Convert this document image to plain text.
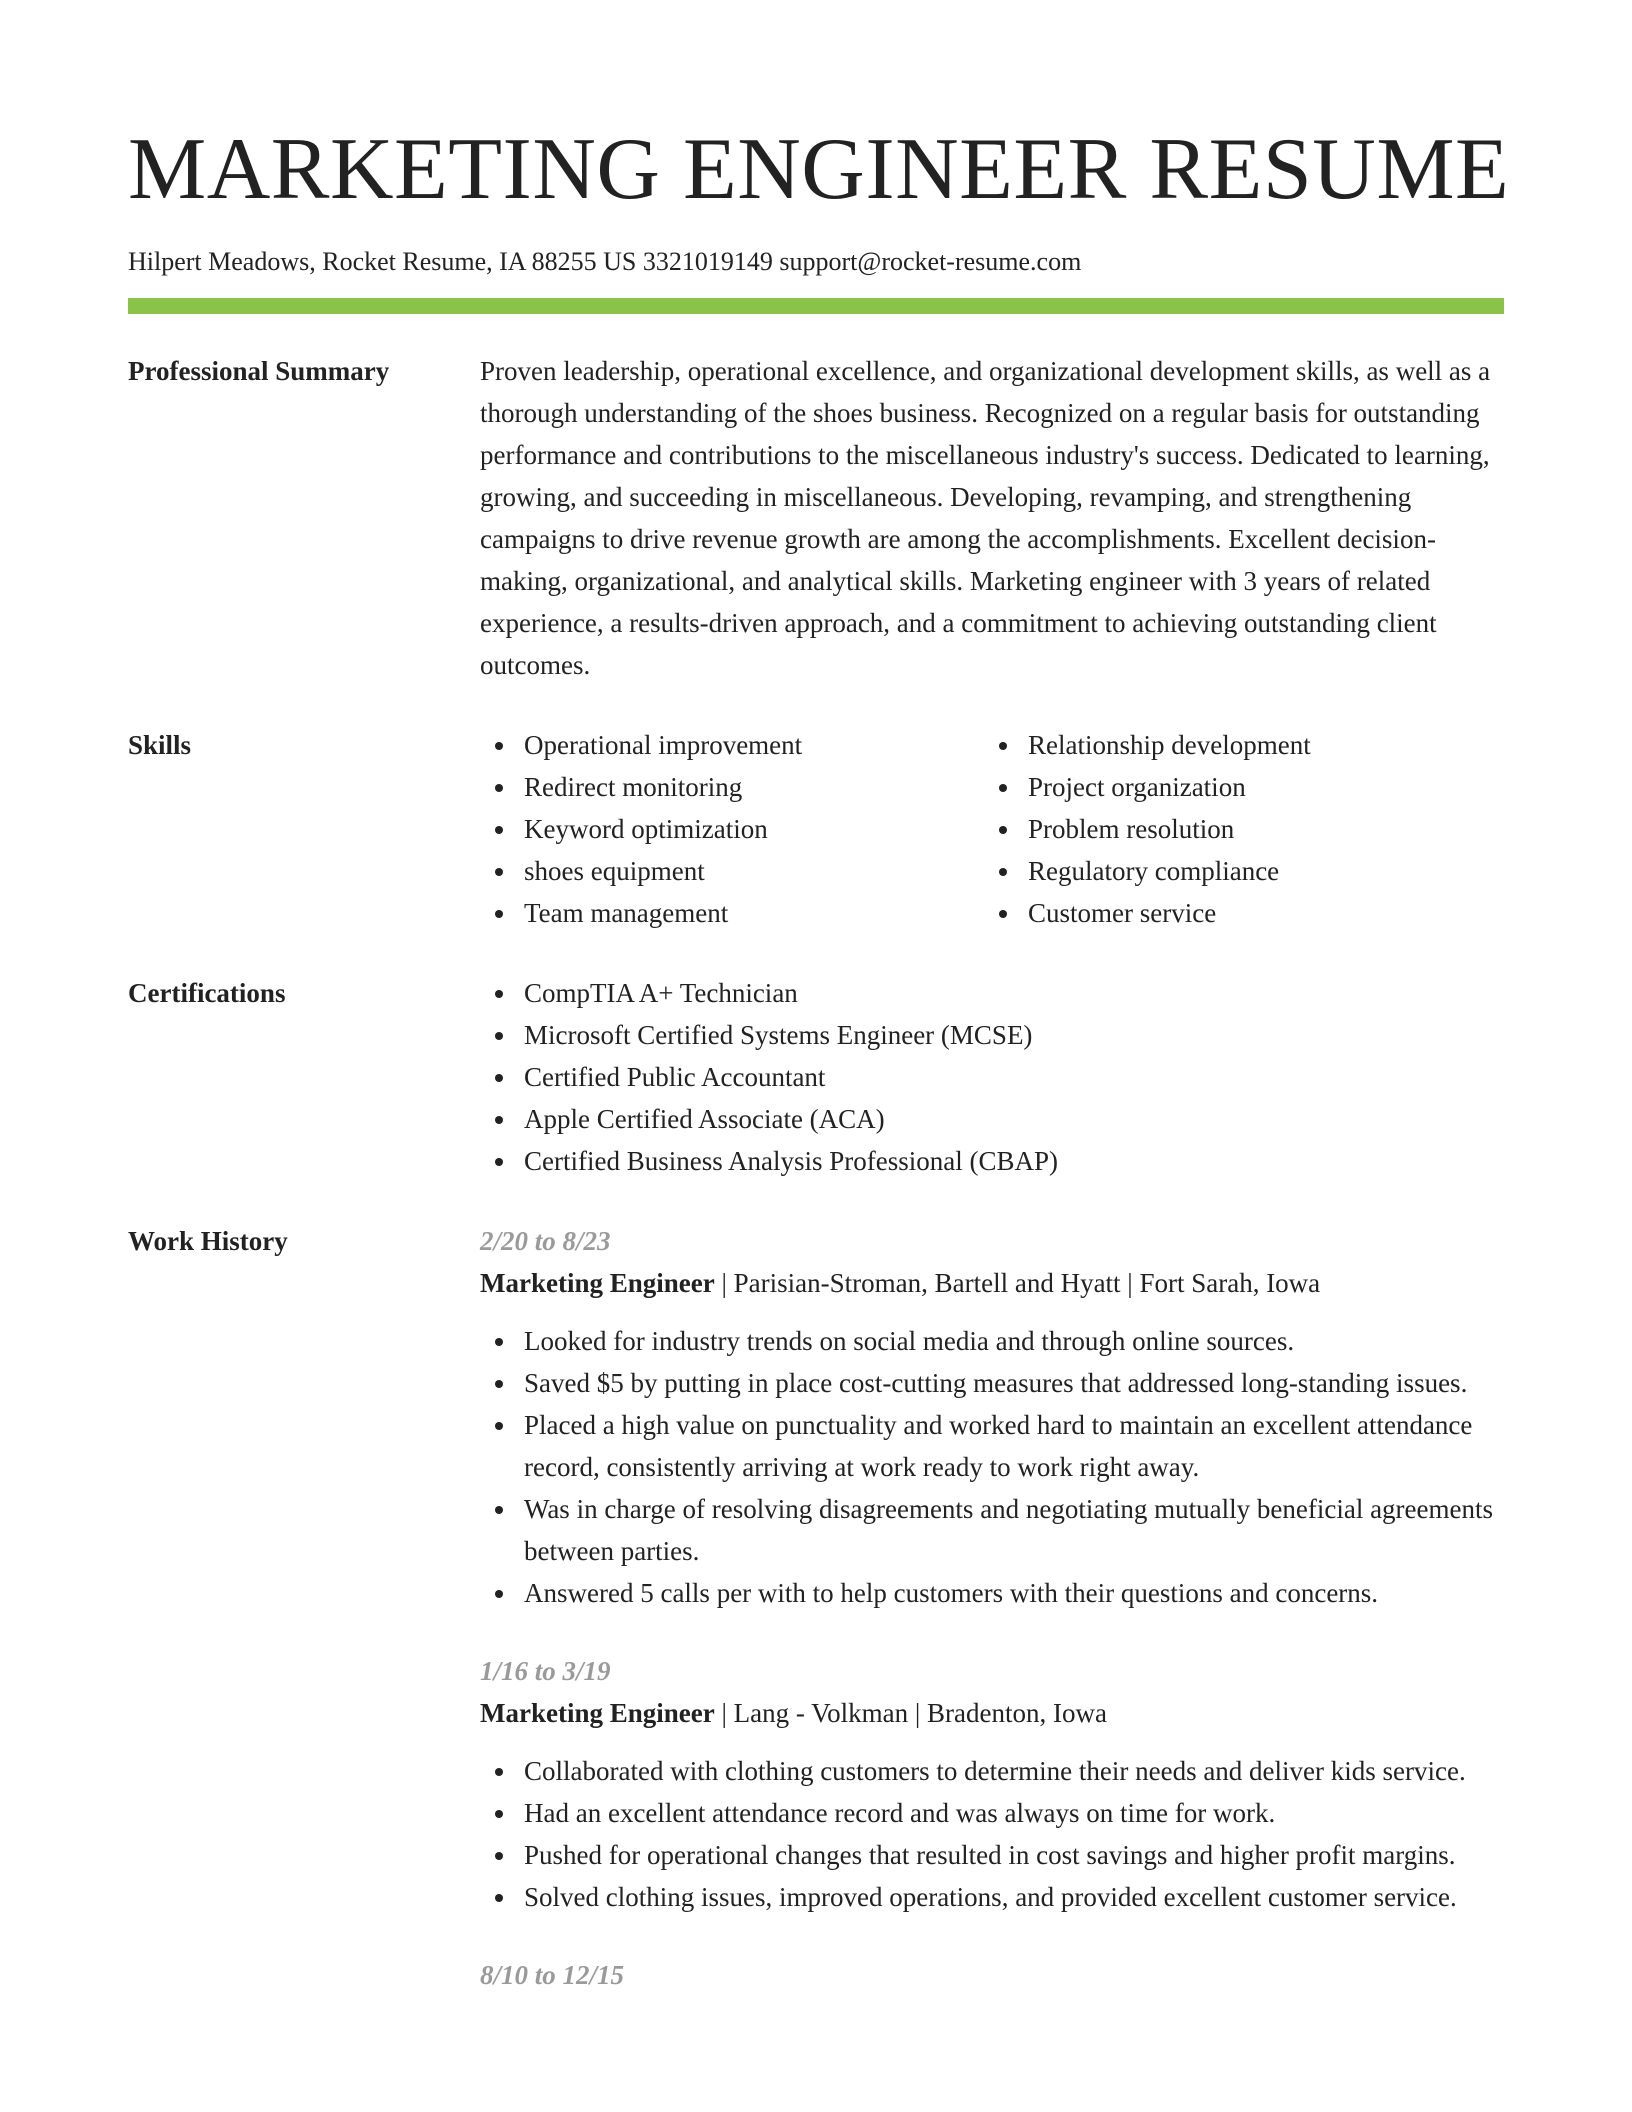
MARKETING ENGINEER RESUME
Hilpert Meadows, Rocket Resume, IA 88255 US 3321019149 support@rocket-resume.com
Professional Summary	Proven leadership, operational excellence, and organizational development skills, as well as a thorough understanding of the shoes business. Recognized on a regular basis for outstanding performance and contributions to the miscellaneous industry's success. Dedicated to learning, growing, and succeeding in miscellaneous. Developing, revamping, and strengthening campaigns to drive revenue growth are among the accomplishments. Excellent decision-making, organizational, and analytical skills. Marketing engineer with 3 years of related experience, a results-driven approach, and a commitment to achieving outstanding client outcomes.
Skills	Operational improvement
Redirect monitoring
Keyword optimization
shoes equipment
Team management
Relationship development
Project organization
Problem resolution
Regulatory compliance
Customer service
Certifications	CompTIA A+ Technician
Microsoft Certified Systems Engineer (MCSE)
Certified Public Accountant
Apple Certified Associate (ACA)
Certified Business Analysis Professional (CBAP)
Work History	2/20 to 8/23
Marketing Engineer | Parisian-Stroman, Bartell and Hyatt | Fort Sarah, Iowa
Looked for industry trends on social media and through online sources.
Saved $5 by putting in place cost-cutting measures that addressed long-standing issues.
Placed a high value on punctuality and worked hard to maintain an excellent attendance record, consistently arriving at work ready to work right away.
Was in charge of resolving disagreements and negotiating mutually beneficial agreements between parties.
Answered 5 calls per with to help customers with their questions and concerns.
1/16 to 3/19
Marketing Engineer | Lang - Volkman | Bradenton, Iowa
Collaborated with clothing customers to determine their needs and deliver kids service.
Had an excellent attendance record and was always on time for work.
Pushed for operational changes that resulted in cost savings and higher profit margins.
Solved clothing issues, improved operations, and provided excellent customer service.
8/10 to 12/15
